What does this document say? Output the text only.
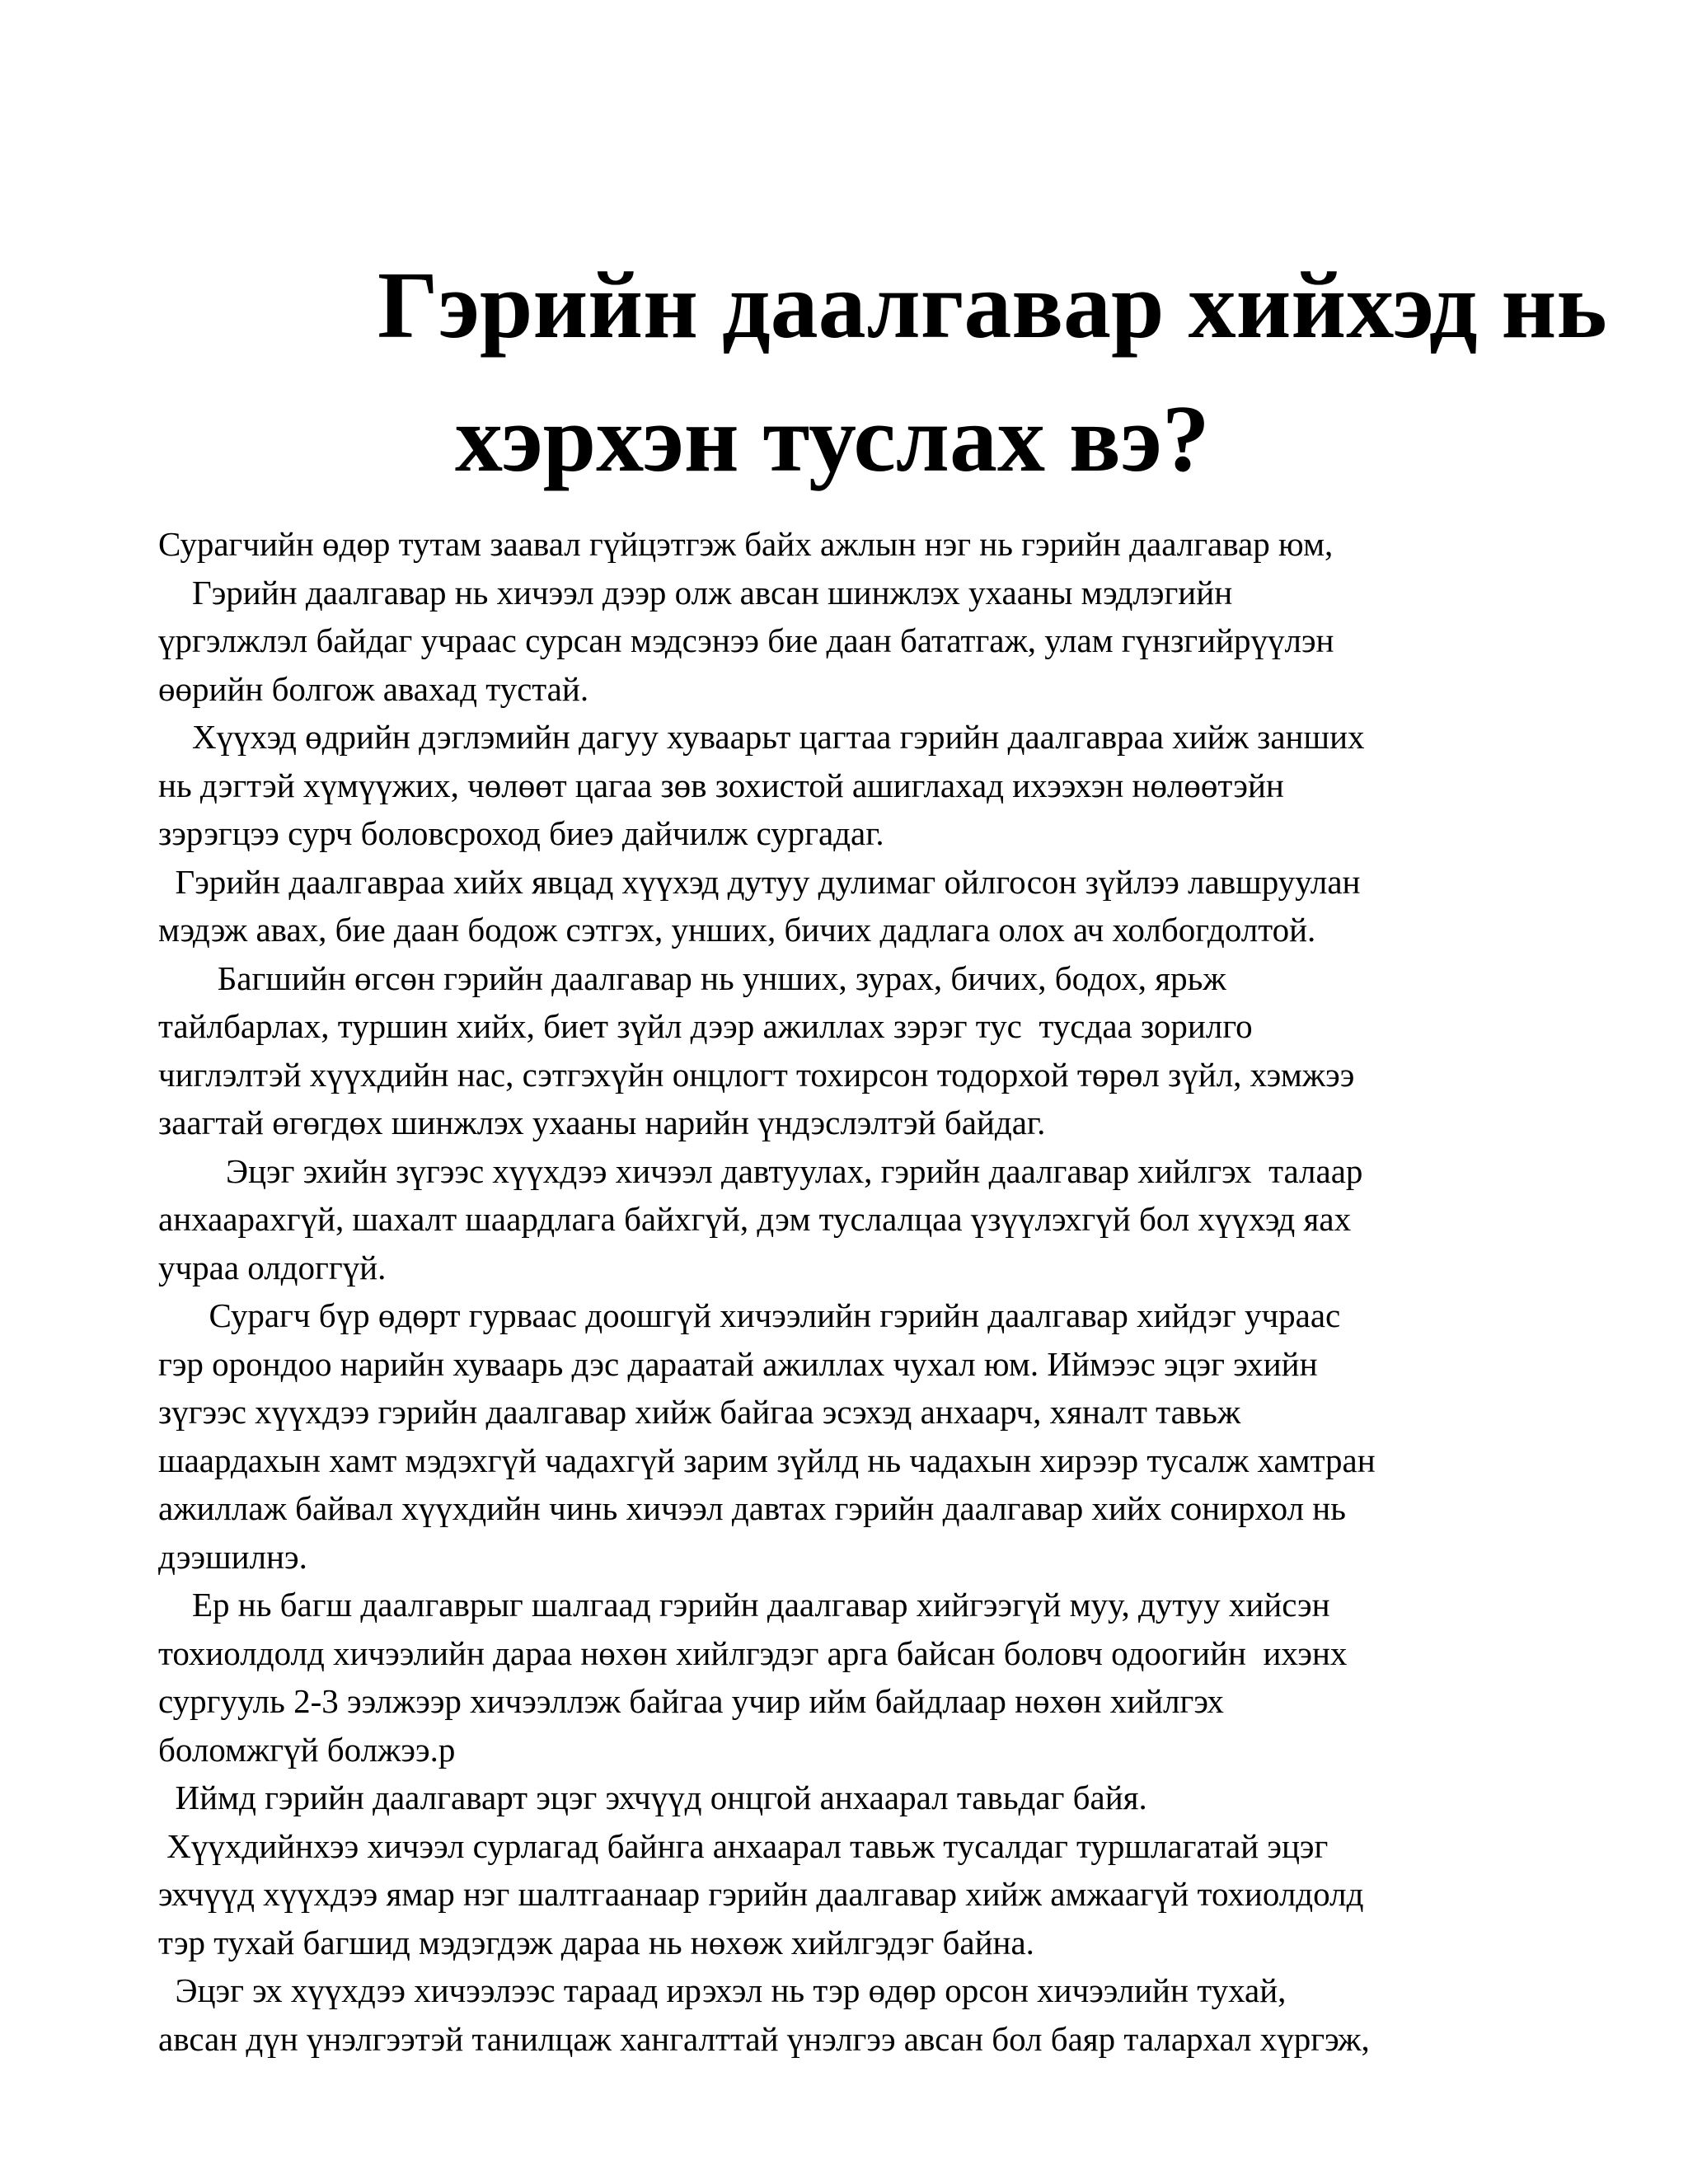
Гэрийн даалгавар хийхэд нь
хэрхэн туслах вэ?
Сурагчийн өдөр тутам заавал гүйцэтгэж байх ажлын нэг нь гэрийн даалгавар юм,
Гэрийн даалгавар нь хичээл дээр олж авсан шинжлэх ухааны мэдлэгийн
үргэлжлэл байдаг учраас сурсан мэдсэнээ бие даан бататгаж, улам гүнзгийрүүлэн
өөрийн болгож авахад тустай.
Хүүхэд өдрийн дэглэмийн дагуу хуваарьт цагтаа гэрийн даалгавраа хийж занших
нь дэгтэй хүмүүжих, чөлөөт цагаа зөв зохистой ашиглахад ихээхэн нөлөөтэйн
зэрэгцээ сурч боловсроход биеэ дайчилж сургадаг.
Гэрийн даалгавраа хийх явцад хүүхэд дутуу дулимаг ойлгосон зүйлээ лавшруулан
мэдэж авах, бие даан бодож сэтгэх, унших, бичих дадлага олох ач холбогдолтой.
Багшийн өгсөн гэрийн даалгавар нь унших, зурах, бичих, бодох, ярьж
тайлбарлах, туршин хийх, биет зүйл дээр ажиллах зэрэг тус  тусдаа зорилго
чиглэлтэй хүүхдийн нас, сэтгэхүйн онцлогт тохирсон тодорхой төрөл зүйл, хэмжээ
заагтай өгөгдөх шинжлэх ухааны нарийн үндэслэлтэй байдаг.
Эцэг эхийн зүгээс хүүхдээ хичээл давтуулах, гэрийн даалгавар хийлгэх  талаар
анхаарахгүй, шахалт шаардлага байхгүй, дэм туслалцаа үзүүлэхгүй бол хүүхэд яах
учраа олдоггүй.
Сурагч бүр өдөрт гурваас доошгүй хичээлийн гэрийн даалгавар хийдэг учраас
гэр орондоо нарийн хуваарь дэс дараатай ажиллах чухал юм. Иймээс эцэг эхийн
зүгээс хүүхдээ гэрийн даалгавар хийж байгаа эсэхэд анхаарч, хяналт тавьж
шаардахын хамт мэдэхгүй чадахгүй зарим зүйлд нь чадахын хирээр тусалж хамтран
ажиллаж байвал хүүхдийн чинь хичээл давтах гэрийн даалгавар хийх сонирхол нь
дээшилнэ.
Ер нь багш даалгаврыг шалгаад гэрийн даалгавар хийгээгүй муу, дутуу хийсэн
тохиолдолд хичээлийн дараа нөхөн хийлгэдэг арга байсан боловч одоогийн  ихэнх
сургууль 2-3 ээлжээр хичээллэж байгаа учир ийм байдлаар нөхөн хийлгэх
боломжгүй болжээ.р
Иймд гэрийн даалгаварт эцэг эхчүүд онцгой анхаарал тавьдаг байя.
Хүүхдийнхээ хичээл сурлагад байнга анхаарал тавьж тусалдаг туршлагатай эцэг
эхчүүд хүүхдээ ямар нэг шалтгаанаар гэрийн даалгавар хийж амжаагүй тохиолдолд
тэр тухай багшид мэдэгдэж дараа нь нөхөж хийлгэдэг байна.
Эцэг эх хүүхдээ хичээлээс тараад ирэхэл нь тэр өдөр орсон хичээлийн тухай,
авсан дүн үнэлгээтэй танилцаж хангалттай үнэлгээ авсан бол баяр талархал хүргэж,
